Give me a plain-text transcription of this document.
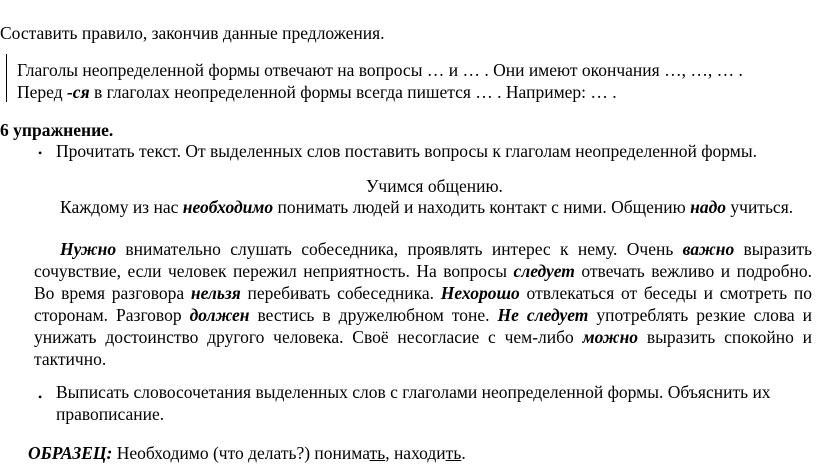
Составить правило, закончив данные предложения.
Глаголы неопределенной формы отвечают на вопросы … и … . Они имеют окончания …, …, … .
Перед -ся в глаголах неопределенной формы всегда пишется … . Например: … .
6 упражнение.
• Прочитать текст. От выделенных слов поставить вопросы к глаголам неопределенной формы.
Учимся общению.
Каждому из нас необходимо понимать людей и находить контакт с ними. Общению надо учиться.
Нужно внимательно слушать собеседника, проявлять интерес к нему. Очень важно выразить сочувствие, если человек пережил неприятность. На вопросы следует отвечать вежливо и подробно. Во время разговора нельзя перебивать собеседника. Нехорошо отвлекаться от беседы и смотреть по сторонам. Разговор должен вестись в дружелюбном тоне. Не следует употреблять резкие слова и унижать достоинство другого человека. Своё несогласие с чем-либо можно выразить спокойно и тактично.
• Выписать словосочетания выделенных слов с глаголами неопределенной формы. Объяснить их правописание.
ОБРАЗЕЦ: Необходимо (что делать?) понимать, находить.
